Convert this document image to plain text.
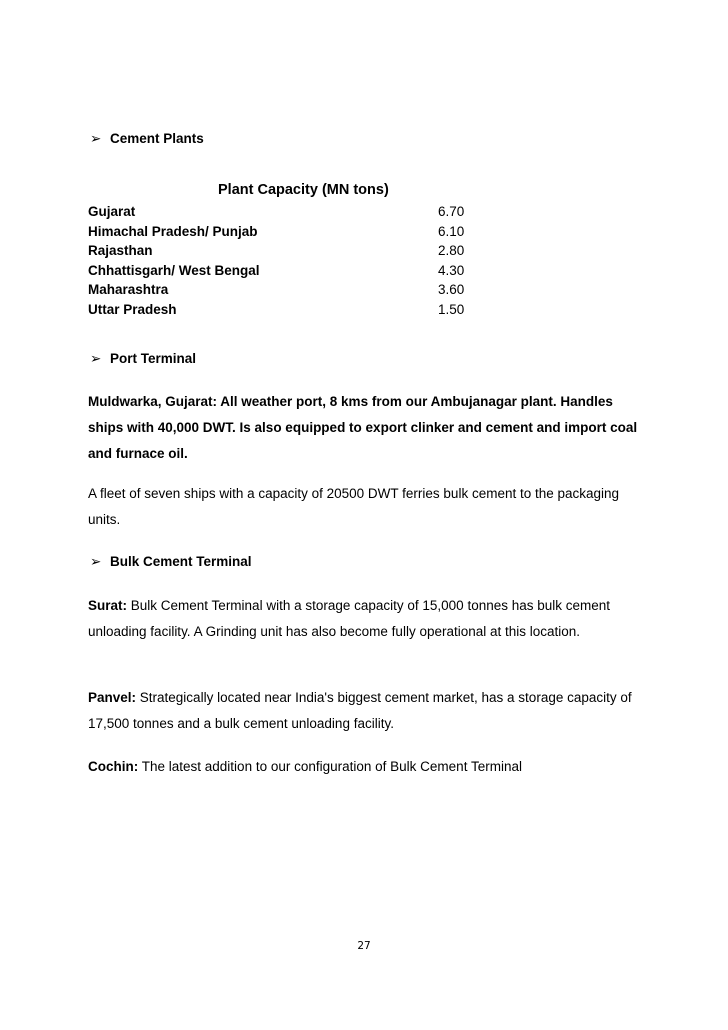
➢ Cement Plants
Plant Capacity (MN tons)
Gujarat	6.70
Himachal Pradesh/ Punjab	6.10
Rajasthan	2.80
Chhattisgarh/ West Bengal	4.30
Maharashtra	3.60
Uttar Pradesh	1.50
➢ Port Terminal
Muldwarka, Gujarat: All weather port, 8 kms from our Ambujanagar plant. Handles ships with 40,000 DWT. Is also equipped to export clinker and cement and import coal and furnace oil.
A fleet of seven ships with a capacity of 20500 DWT ferries bulk cement to the packaging units.
➢ Bulk Cement Terminal
Surat: Bulk Cement Terminal with a storage capacity of 15,000 tonnes has bulk cement unloading facility. A Grinding unit has also become fully operational at this location.
Panvel: Strategically located near India's biggest cement market, has a storage capacity of 17,500 tonnes and a bulk cement unloading facility.
Cochin: The latest addition to our configuration of Bulk Cement Terminal
27
